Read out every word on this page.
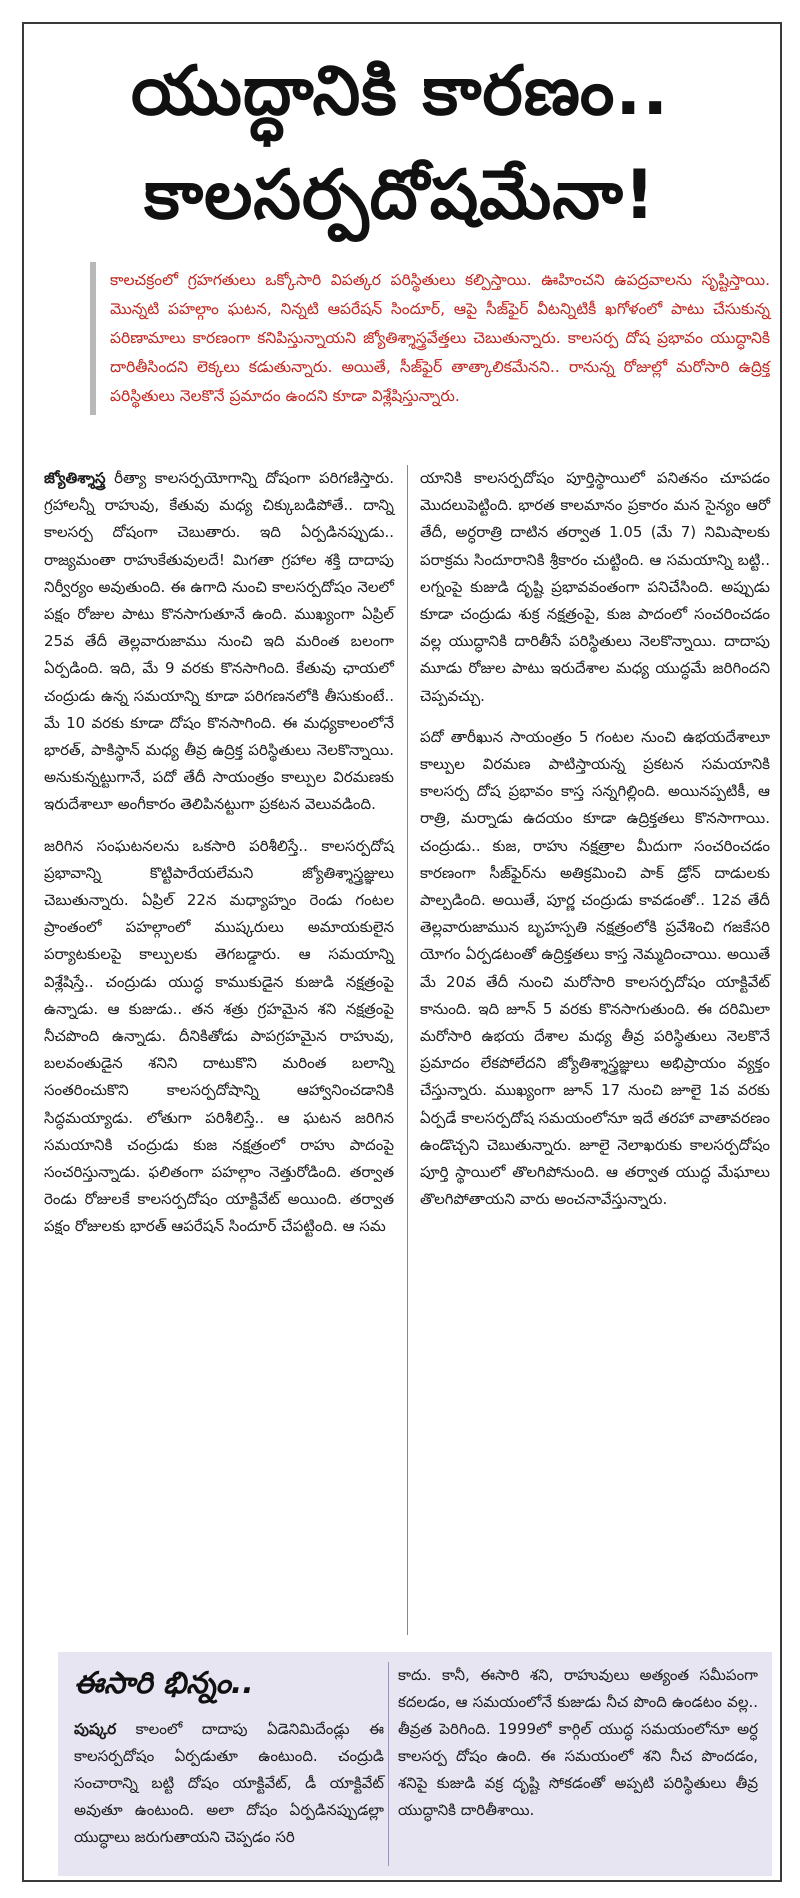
యుద్ధానికి కారణం..
కాలసర్పదోషమేనా!
కాలచక్రంలో గ్రహగతులు ఒక్కోసారి విపత్కర పరిస్థితులు కల్పిస్తాయి. ఊహించని ఉపద్రవాలను సృష్టిస్తాయి. మొన్నటి పహల్గాం ఘటన, నిన్నటి ఆపరేషన్ సిందూర్, ఆపై సీజ్‌ఫైర్ వీటన్నిటికీ ఖగోళంలో పాటు చేసుకున్న పరిణామాలు కారణంగా కనిపిస్తున్నాయని జ్యోతిశ్శాస్త్రవేత్తలు చెబుతున్నారు. కాలసర్ప దోష ప్రభావం యుద్ధానికి దారితీసిందని లెక్కలు కడుతున్నారు. అయితే, సీజ్‌ఫైర్ తాత్కాలికమేనని.. రానున్న రోజుల్లో మరోసారి ఉద్రిక్త పరిస్థితులు నెలకొనే ప్రమాదం ఉందని కూడా విశ్లేషిస్తున్నారు.

జ్యోతిశ్శాస్త్ర రీత్యా కాలసర్పయోగాన్ని దోషంగా పరిగణిస్తారు. గ్రహాలన్నీ రాహువు, కేతువు మధ్య చిక్కుబడిపోతే.. దాన్ని కాలసర్ప దోషంగా చెబుతారు. ఇది ఏర్పడినప్పుడు.. రాజ్యమంతా రాహుకేతువులదే! మిగతా గ్రహాల శక్తి దాదాపు నిర్వీర్యం అవుతుంది. ఈ ఉగాది నుంచి కాలసర్పదోషం నెలలో పక్షం రోజుల పాటు కొనసాగుతూనే ఉంది. ముఖ్యంగా ఏప్రిల్ 25వ తేదీ తెల్లవారుజాము నుంచి ఇది మరింత బలంగా ఏర్పడింది. ఇది, మే 9 వరకు కొనసాగింది. కేతువు ఛాయలో చంద్రుడు ఉన్న సమయాన్ని కూడా పరిగణనలోకి తీసుకుంటే.. మే 10 వరకు కూడా దోషం కొనసాగింది. ఈ మధ్యకాలంలోనే భారత్, పాకిస్థాన్ మధ్య తీవ్ర ఉద్రిక్త పరిస్థితులు నెలకొన్నాయి. అనుకున్నట్టుగానే, పదో తేదీ సాయంత్రం కాల్పుల విరమణకు ఇరుదేశాలూ అంగీకారం తెలిపినట్టుగా ప్రకటన వెలువడింది.

జరిగిన సంఘటనలను ఒకసారి పరిశీలిస్తే.. కాలసర్పదోష ప్రభావాన్ని కొట్టిపారేయలేమని జ్యోతిశ్శాస్త్రజ్ఞులు చెబుతున్నారు. ఏప్రిల్ 22న మధ్యాహ్నం రెండు గంటల ప్రాంతంలో పహల్గాంలో ముష్కరులు అమాయకులైన పర్యాటకులపై కాల్పులకు తెగబడ్డారు. ఆ సమయాన్ని విశ్లేషిస్తే.. చంద్రుడు యుద్ధ కాముకుడైన కుజుడి నక్షత్రంపై ఉన్నాడు. ఆ కుజుడు.. తన శత్రు గ్రహమైన శని నక్షత్రంపై నీచపొంది ఉన్నాడు. దీనికితోడు పాపగ్రహమైన రాహువు, బలవంతుడైన శనిని దాటుకొని మరింత బలాన్ని సంతరించుకొని కాలసర్పదోషాన్ని ఆహ్వానించడానికి సిద్ధమయ్యాడు. లోతుగా పరిశీలిస్తే.. ఆ ఘటన జరిగిన సమయానికి చంద్రుడు కుజ నక్షత్రంలో రాహు పాదంపై సంచరిస్తున్నాడు. ఫలితంగా పహల్గాం నెత్తురోడింది. తర్వాత రెండు రోజులకే కాలసర్పదోషం యాక్టివేట్ అయింది. తర్వాత పక్షం రోజులకు భారత్ ఆపరేషన్ సిందూర్ చేపట్టింది. ఆ సమ

యానికి కాలసర్పదోషం పూర్తిస్థాయిలో పనితనం చూపడం మొదలుపెట్టింది. భారత కాలమానం ప్రకారం మన సైన్యం ఆరో తేదీ, అర్ధరాత్రి దాటిన తర్వాత 1.05 (మే 7) నిమిషాలకు పరాక్రమ సిందూరానికి శ్రీకారం చుట్టింది. ఆ సమయాన్ని బట్టి.. లగ్నంపై కుజుడి దృష్టి ప్రభావవంతంగా పనిచేసింది. అప్పుడు కూడా చంద్రుడు శుక్ర నక్షత్రంపై, కుజ పాదంలో సంచరించడం వల్ల యుద్ధానికి దారితీసే పరిస్థితులు నెలకొన్నాయి. దాదాపు మూడు రోజుల పాటు ఇరుదేశాల మధ్య యుద్ధమే జరిగిందని చెప్పవచ్చు.

పదో తారీఖున సాయంత్రం 5 గంటల నుంచి ఉభయదేశాలూ కాల్పుల విరమణ పాటిస్తాయన్న ప్రకటన సమయానికి కాలసర్ప దోష ప్రభావం కాస్త సన్నగిల్లింది. అయినప్పటికీ, ఆ రాత్రి, మర్నాడు ఉదయం కూడా ఉద్రిక్తతలు కొనసాగాయి. చంద్రుడు.. కుజ, రాహు నక్షత్రాల మీదుగా సంచరించడం కారణంగా సీజ్‌ఫైర్‌ను అతిక్రమించి పాక్ డ్రోన్ దాడులకు పాల్పడింది. అయితే, పూర్ణ చంద్రుడు కావడంతో.. 12వ తేదీ తెల్లవారుజామున బృహస్పతి నక్షత్రంలోకి ప్రవేశించి గజకేసరి యోగం ఏర్పడటంతో ఉద్రిక్తతలు కాస్త నెమ్మదించాయి. అయితే మే 20వ తేదీ నుంచి మరోసారి కాలసర్పదోషం యాక్టివేట్ కానుంది. ఇది జూన్ 5 వరకు కొనసాగుతుంది. ఈ దరిమిలా మరోసారి ఉభయ దేశాల మధ్య తీవ్ర పరిస్థితులు నెలకొనే ప్రమాదం లేకపోలేదని జ్యోతిశ్శాస్త్రజ్ఞులు అభిప్రాయం వ్యక్తం చేస్తున్నారు. ముఖ్యంగా జూన్ 17 నుంచి జూలై 1వ వరకు ఏర్పడే కాలసర్పదోష సమయంలోనూ ఇదే తరహా వాతావరణం ఉండొచ్చని చెబుతున్నారు. జూలై నెలాఖరుకు కాలసర్పదోషం పూర్తి స్థాయిలో తొలగిపోనుంది. ఆ తర్వాత యుద్ధ మేఘాలు తొలగిపోతాయని వారు అంచనావేస్తున్నారు.

ఈసారి భిన్నం..
పుష్కర కాలంలో దాదాపు ఏడెనిమిదేండ్లు ఈ కాలసర్పదోషం ఏర్పడుతూ ఉంటుంది. చంద్రుడి సంచారాన్ని బట్టి దోషం యాక్టివేట్, డీ యాక్టివేట్ అవుతూ ఉంటుంది. అలా దోషం ఏర్పడినప్పుడల్లా యుద్ధాలు జరుగుతాయని చెప్పడం సరి
కాదు. కానీ, ఈసారి శని, రాహువులు అత్యంత సమీపంగా కదలడం, ఆ సమయంలోనే కుజుడు నీచ పొంది ఉండటం వల్ల.. తీవ్రత పెరిగింది. 1999లో కార్గిల్ యుద్ధ సమయంలోనూ అర్ధ కాలసర్ప దోషం ఉంది. ఈ సమయంలో శని నీచ పొందడం, శనిపై కుజుడి వక్ర దృష్టి సోకడంతో అప్పటి పరిస్థితులు తీవ్ర యుద్ధానికి దారితీశాయి.
